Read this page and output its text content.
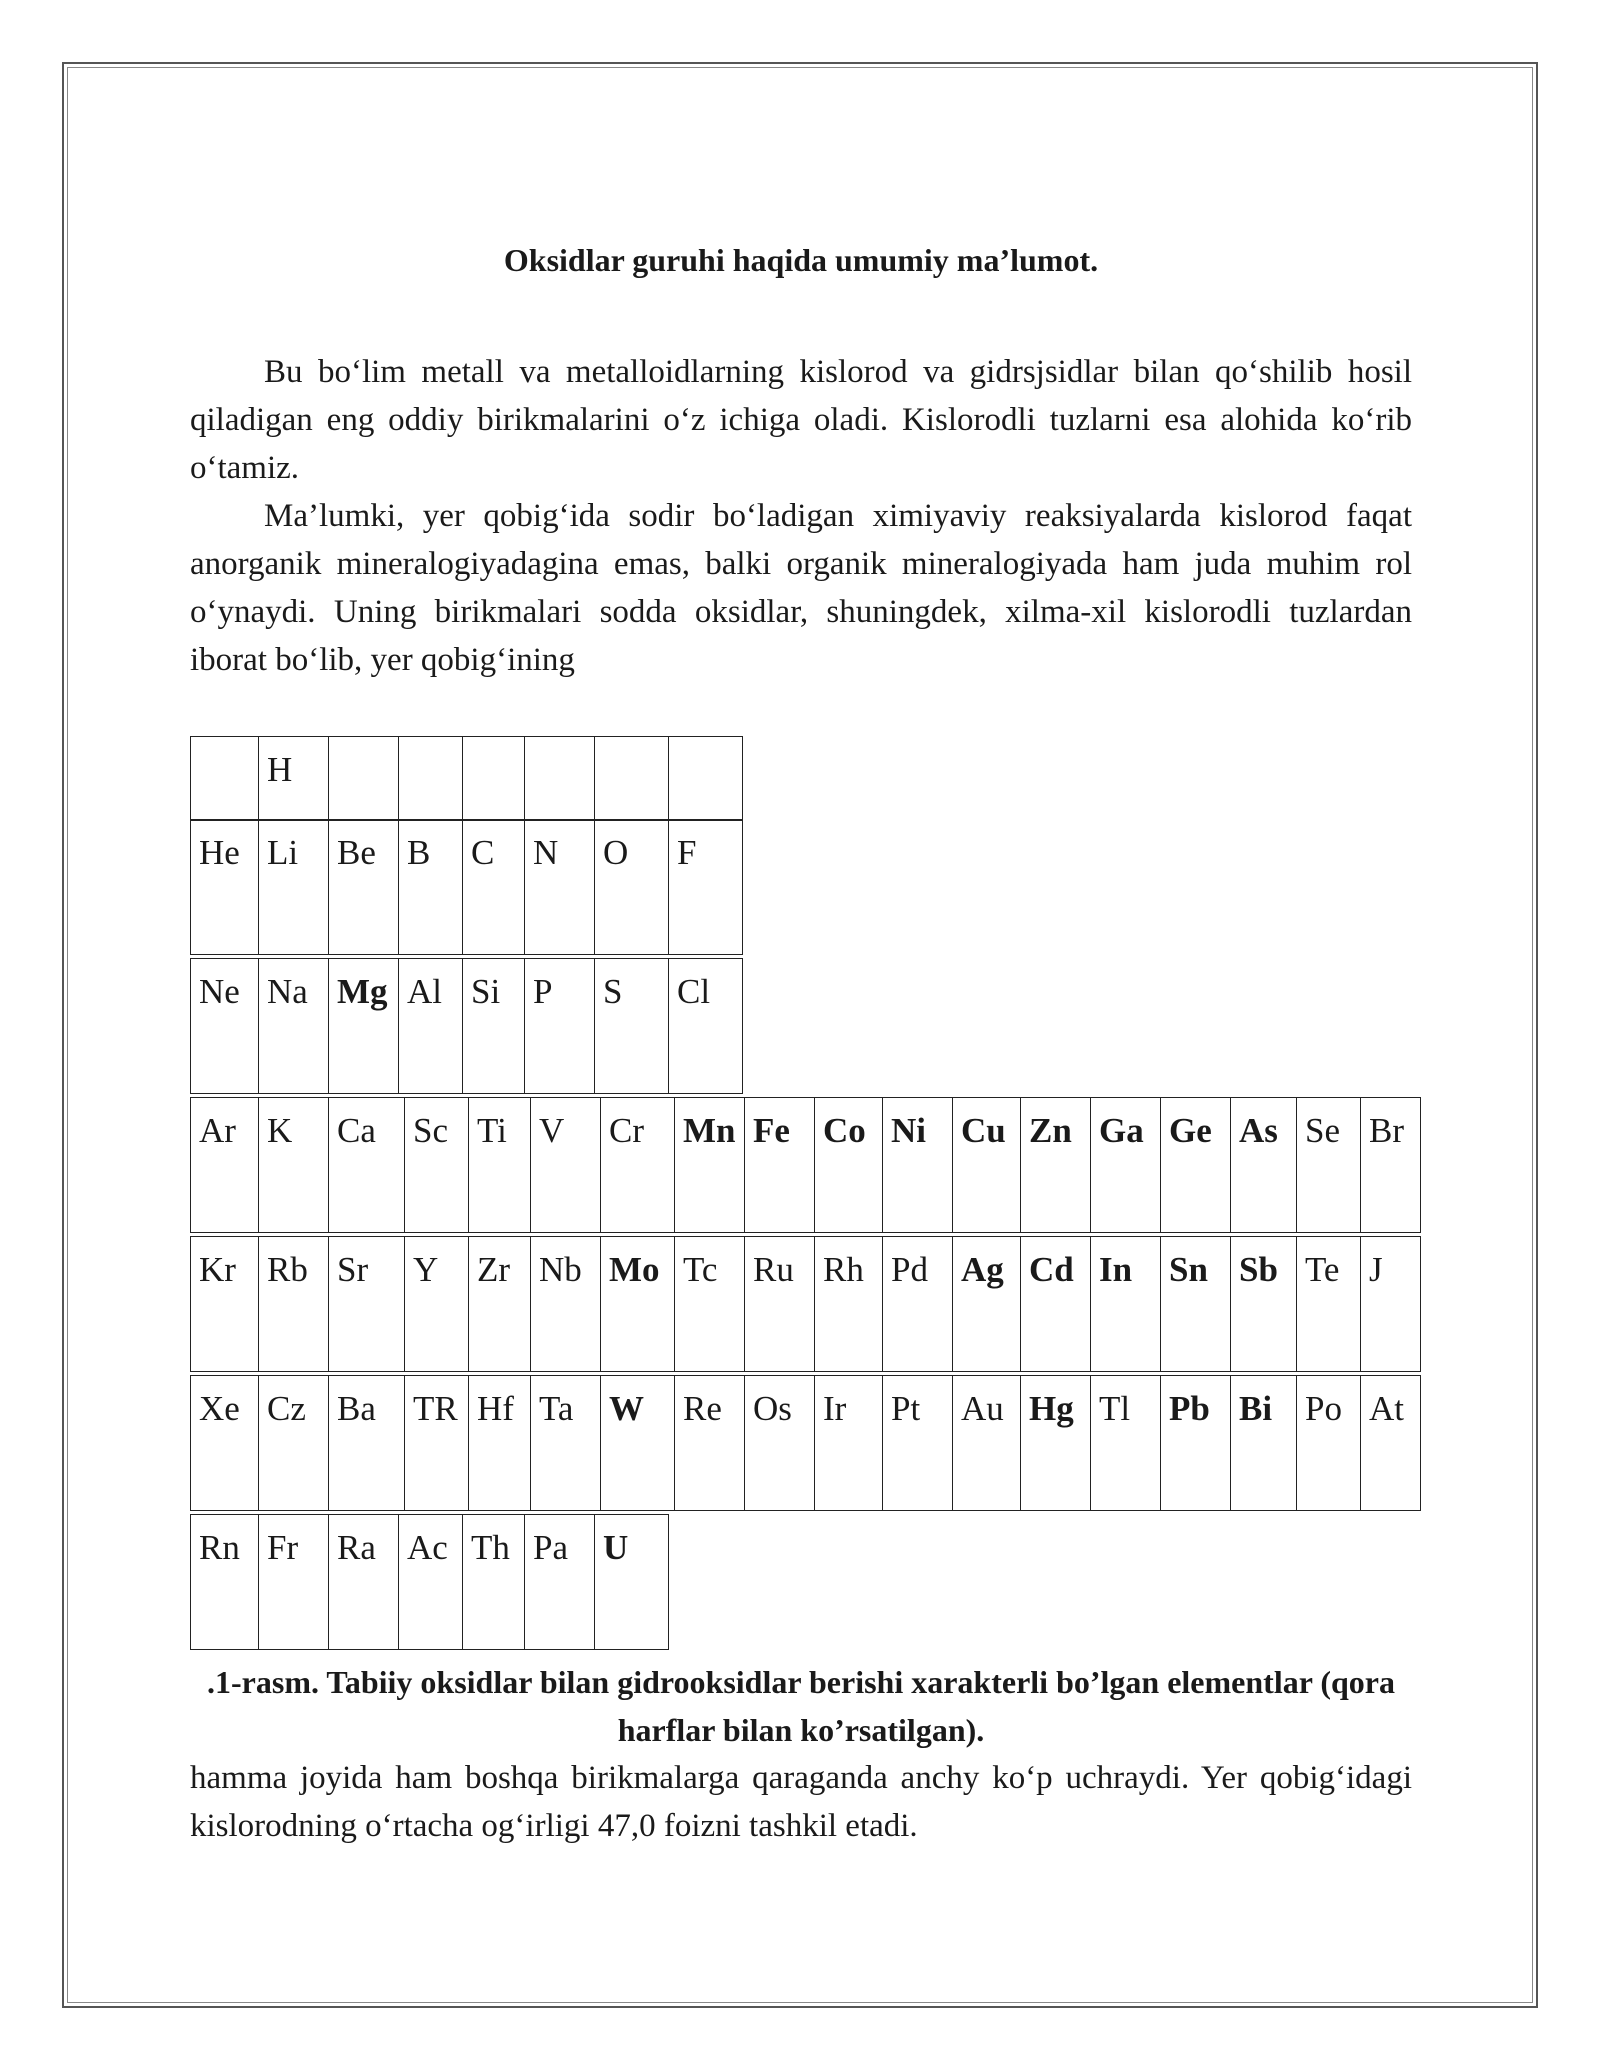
Oksidlar guruhi haqida umumiy ma’lumot.

Bu bo‘lim metall va metalloidlarning kislorod va gidrsjsidlar bilan qo‘shilib hosil qiladigan eng oddiy birikmalarini o‘z ichiga oladi. Kislorodli tuzlarni esa alohida ko‘rib o‘tamiz.

Ma’lumki, yer qobig‘ida sodir bo‘ladigan ximiyaviy reaksiyalarda kislorod faqat anorganik mineralogiyadagina emas, balki organik mineralogiyada ham juda muhim rol o‘ynaydi. Uning birikmalari sodda oksidlar, shuningdek, xilma-xil kislorodli tuzlardan iborat bo‘lib, yer qobig‘ining

hamma joyida ham boshqa birikmalarga qaraganda anchy ko‘p uchraydi. Yer qobig‘idagi kislorodning o‘rtacha og‘irligi 47,0 foizni tashkil etadi.

	H						
He	Li	Be	B	C	N	O	F
Ne	Na	Mg	Al	Si	P	S	Cl
Ar	K	Ca	Sc	Ti	V	Cr	Mn	Fe	Co	Ni	Cu	Zn	Ga	Ge	As	Se	Br
Kr	Rb	Sr	Y	Zr	Nb	Mo	Tc	Ru	Rh	Pd	Ag	Cd	In	Sn	Sb	Te	J
Xe	Cz	Ba	TR	Hf	Ta	W	Re	Os	Ir	Pt	Au	Hg	Tl	Pb	Bi	Po	At
Rn	Fr	Ra	Ac	Th	Pa	U

.1-rasm. Tabiiy oksidlar bilan gidrooksidlar berishi xarakterli bo’lgan elementlar (qora harflar bilan ko’rsatilgan).
